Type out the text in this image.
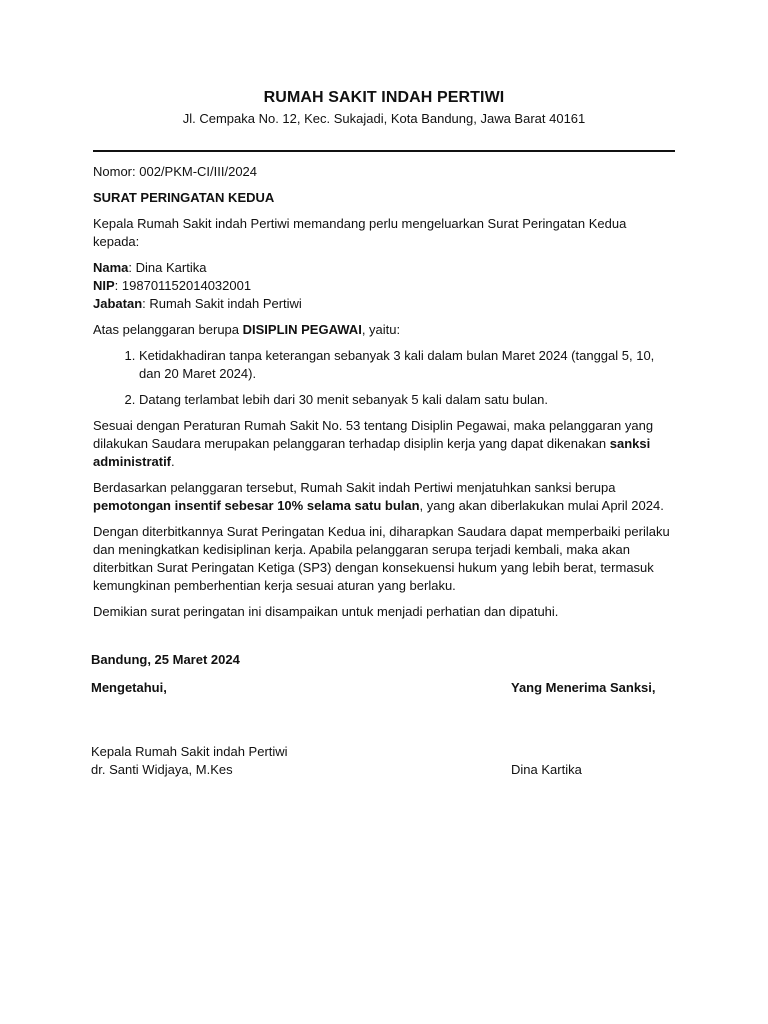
RUMAH SAKIT INDAH PERTIWI
Jl. Cempaka No. 12, Kec. Sukajadi, Kota Bandung, Jawa Barat 40161

Nomor: 002/PKM-CI/III/2024

SURAT PERINGATAN KEDUA

Kepala Rumah Sakit indah Pertiwi memandang perlu mengeluarkan Surat Peringatan Kedua kepada:

Nama: Dina Kartika

NIP: 198701152014032001

Jabatan: Rumah Sakit indah Pertiwi

Atas pelanggaran berupa DISIPLIN PEGAWAI, yaitu:

1. Ketidakhadiran tanpa keterangan sebanyak 3 kali dalam bulan Maret 2024 (tanggal 5, 10, dan 20 Maret 2024).
2. Datang terlambat lebih dari 30 menit sebanyak 5 kali dalam satu bulan.

Sesuai dengan Peraturan Rumah Sakit No. 53 tentang Disiplin Pegawai, maka pelanggaran yang dilakukan Saudara merupakan pelanggaran terhadap disiplin kerja yang dapat dikenakan sanksi administratif.

Berdasarkan pelanggaran tersebut, Rumah Sakit indah Pertiwi menjatuhkan sanksi berupa pemotongan insentif sebesar 10% selama satu bulan, yang akan diberlakukan mulai April 2024.

Dengan diterbitkannya Surat Peringatan Kedua ini, diharapkan Saudara dapat memperbaiki perilaku dan meningkatkan kedisiplinan kerja. Apabila pelanggaran serupa terjadi kembali, maka akan diterbitkan Surat Peringatan Ketiga (SP3) dengan konsekuensi hukum yang lebih berat, termasuk kemungkinan pemberhentian kerja sesuai aturan yang berlaku.

Demikian surat peringatan ini disampaikan untuk menjadi perhatian dan dipatuhi.

Bandung, 25 Maret 2024
Mengetahui,	Yang Menerima Sanksi,
Kepala Rumah Sakit indah Pertiwi
dr. Santi Widjaya, M.Kes	Dina Kartika
